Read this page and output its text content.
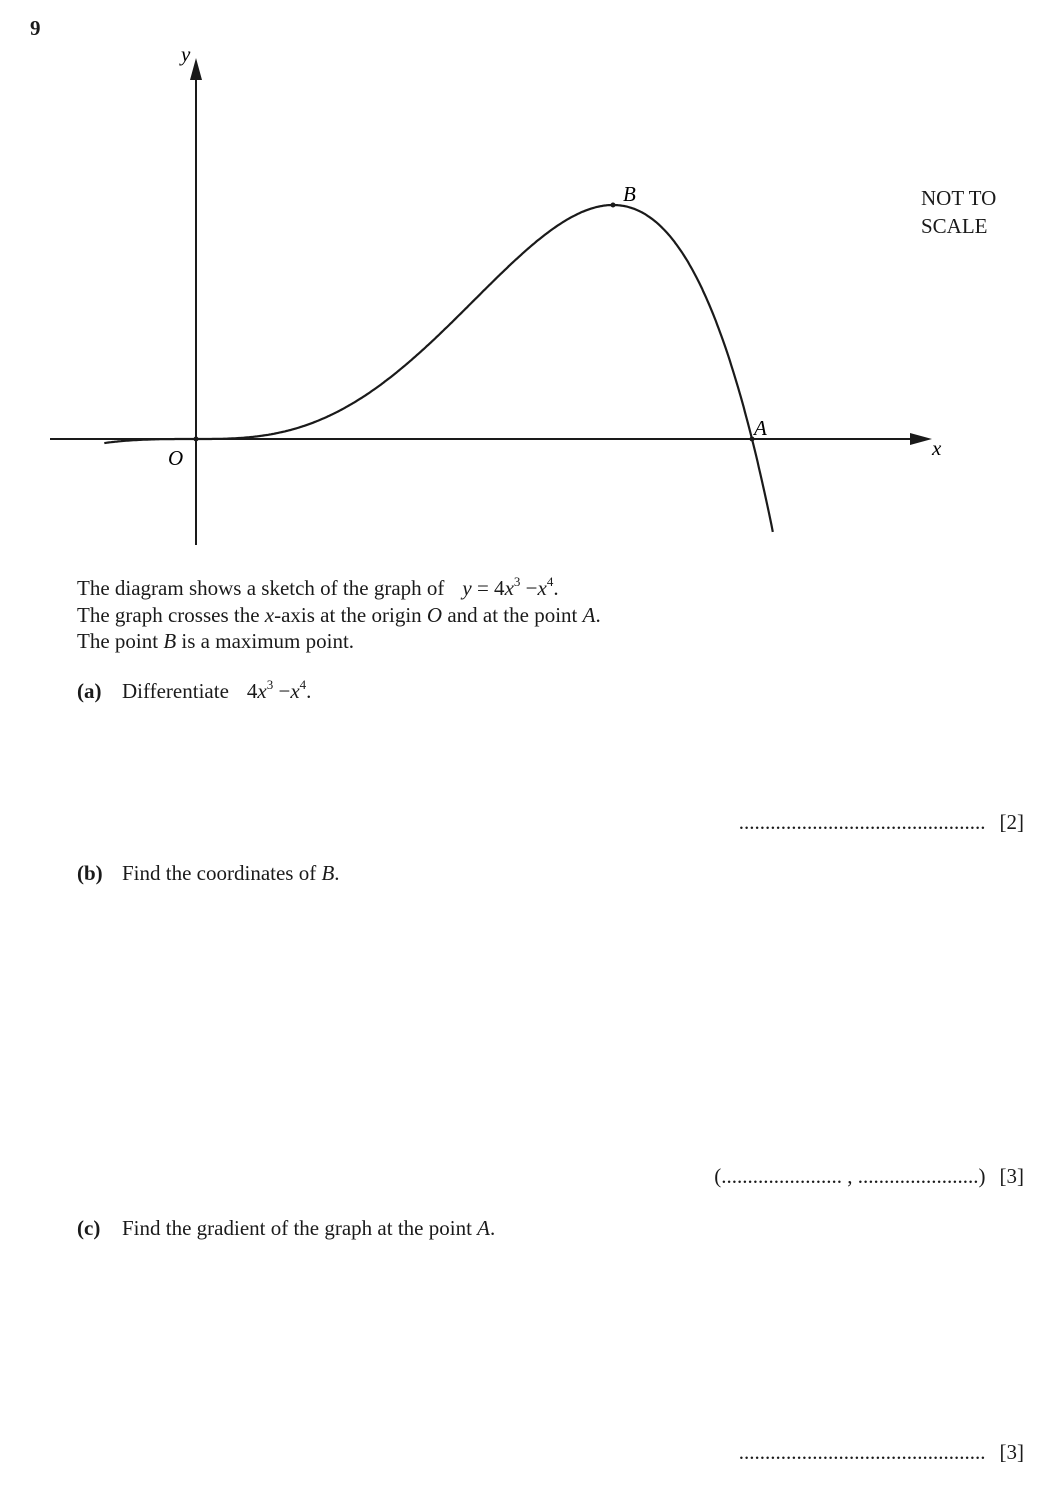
9
y
x
O
A
B	NOT TO
SCALE
The diagram shows a sketch of the graph of $y = 4x^3 -x^4$.
The graph crosses the x-axis at the origin O and at the point A.
The point B is a maximum point.
(a) Differentiate $4x^3 -x^4$.
............................................... [2]
(b) Find the coordinates of B.
(....................... , .......................) [3]
(c) Find the gradient of the graph at the point A.
............................................... [3]
